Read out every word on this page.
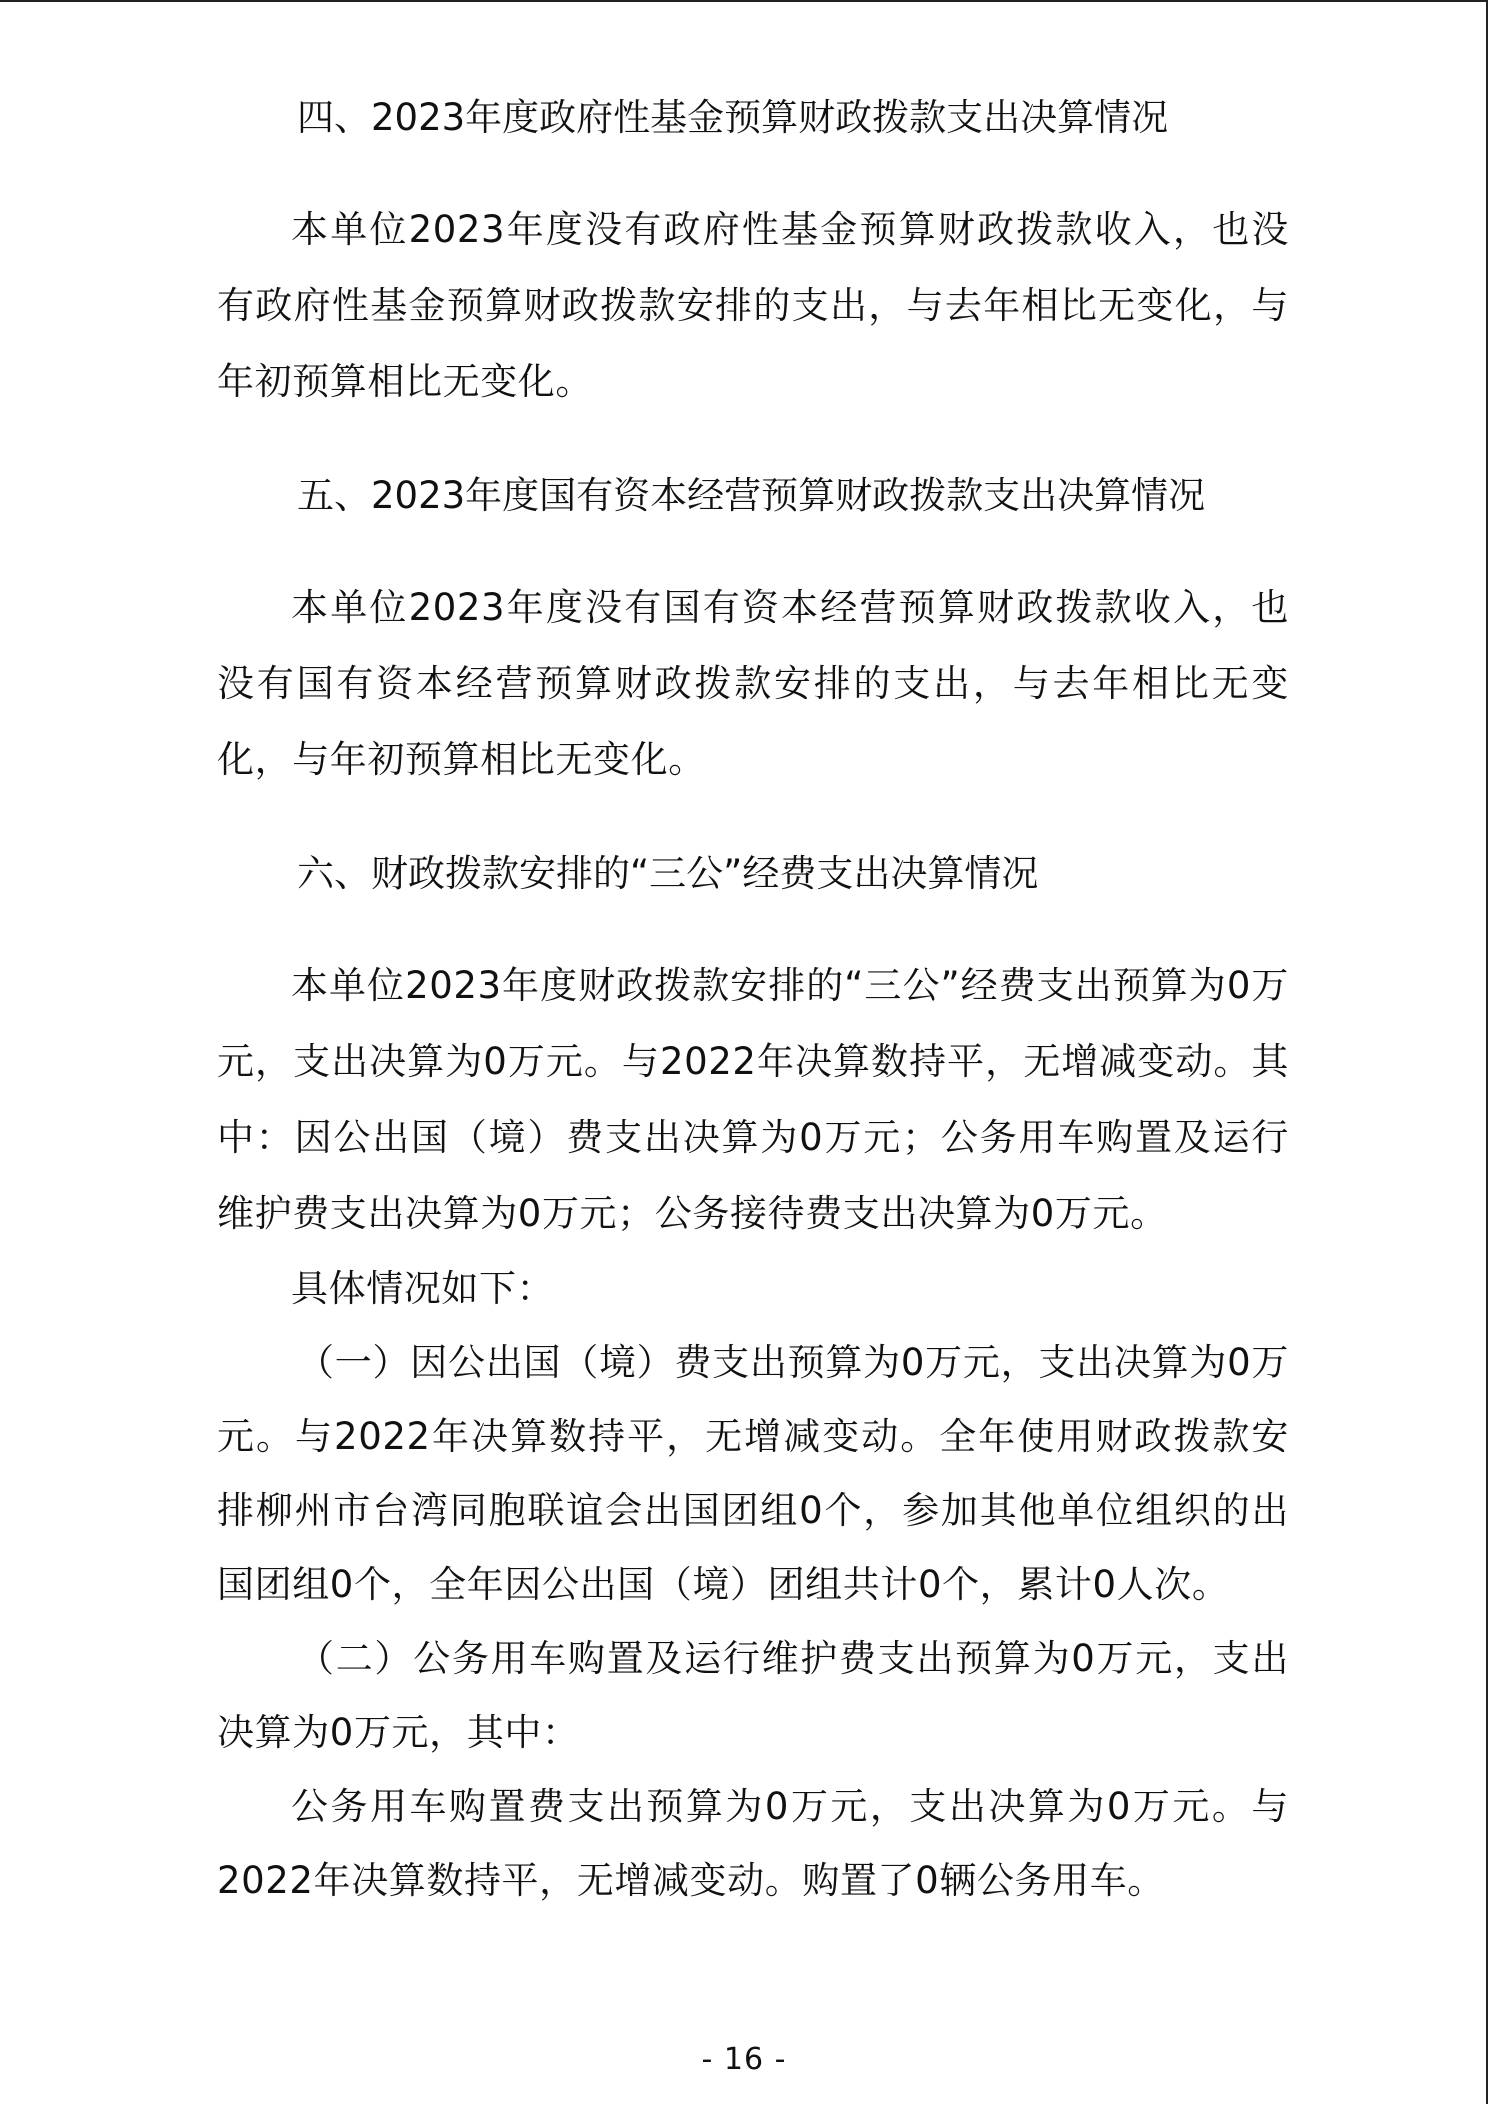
四、2023年度政府性基金预算财政拨款支出决算情况

本单位2023年度没有政府性基金预算财政拨款收入，也没有政府性基金预算财政拨款安排的支出，与去年相比无变化，与年初预算相比无变化。

五、2023年度国有资本经营预算财政拨款支出决算情况

本单位2023年度没有国有资本经营预算财政拨款收入，也没有国有资本经营预算财政拨款安排的支出，与去年相比无变化，与年初预算相比无变化。

六、财政拨款安排的“三公”经费支出决算情况

本单位2023年度财政拨款安排的“三公”经费支出预算为0万元，支出决算为0万元。与2022年决算数持平，无增减变动。其中：因公出国（境）费支出决算为0万元；公务用车购置及运行维护费支出决算为0万元；公务接待费支出决算为0万元。

具体情况如下：

（一）因公出国（境）费支出预算为0万元，支出决算为0万元。与2022年决算数持平，无增减变动。全年使用财政拨款安排柳州市台湾同胞联谊会出国团组0个，参加其他单位组织的出国团组0个，全年因公出国（境）团组共计0个，累计0人次。

（二）公务用车购置及运行维护费支出预算为0万元，支出决算为0万元，其中：

公务用车购置费支出预算为0万元，支出决算为0万元。与2022年决算数持平，无增减变动。购置了0辆公务用车。

- 16 -
